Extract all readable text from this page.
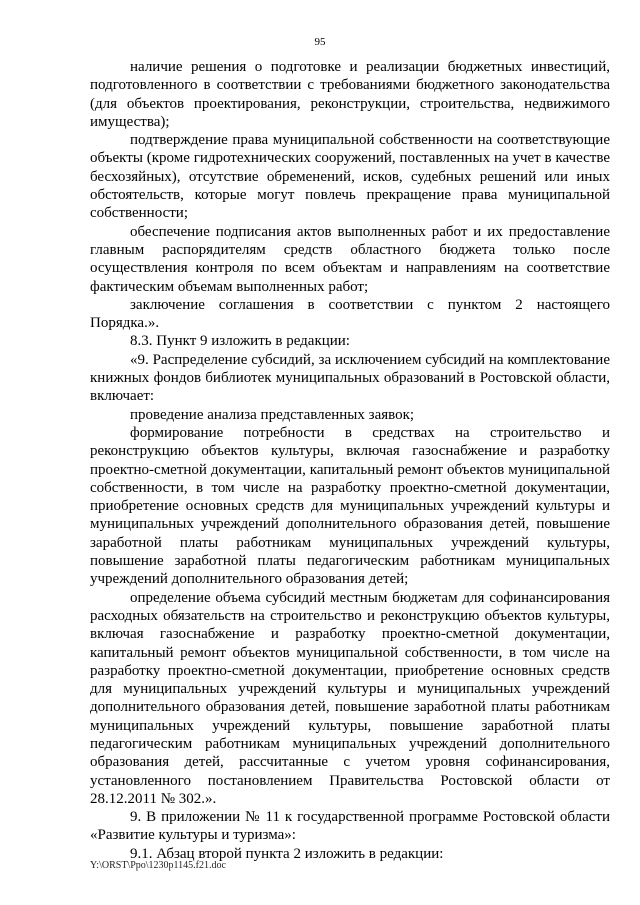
95

наличие решения о подготовке и реализации бюджетных инвестиций, подготовленного в соответствии с требованиями бюджетного законодательства (для объектов проектирования, реконструкции, строительства, недвижимого имущества);

подтверждение права муниципальной собственности на соответствующие объекты (кроме гидротехнических сооружений, поставленных на учет в качестве бесхозяйных), отсутствие обременений, исков, судебных решений или иных обстоятельств, которые могут повлечь прекращение права муниципальной собственности;

обеспечение подписания актов выполненных работ и их предоставление главным распорядителям средств областного бюджета только после осуществления контроля по всем объектам и направлениям на соответствие фактическим объемам выполненных работ;

заключение соглашения в соответствии с пунктом 2 настоящего Порядка.».

8.3. Пункт 9 изложить в редакции:

«9. Распределение субсидий, за исключением субсидий на комплектование книжных фондов библиотек муниципальных образований в Ростовской области, включает:

проведение анализа представленных заявок;

формирование потребности в средствах на строительство и реконструкцию объектов культуры, включая газоснабжение и разработку проектно-сметной документации, капитальный ремонт объектов муниципальной собственности, в том числе на разработку проектно-сметной документации, приобретение основных средств для муниципальных учреждений культуры и муниципальных учреждений дополнительного образования детей, повышение заработной платы работникам муниципальных учреждений культуры, повышение заработной платы педагогическим работникам муниципальных учреждений дополнительного образования детей;

определение объема субсидий местным бюджетам для софинансирования расходных обязательств на строительство и реконструкцию объектов культуры, включая газоснабжение и разработку проектно-сметной документации, капитальный ремонт объектов муниципальной собственности, в том числе на разработку проектно-сметной документации, приобретение основных средств для муниципальных учреждений культуры и муниципальных учреждений дополнительного образования детей, повышение заработной платы работникам муниципальных учреждений культуры, повышение заработной платы педагогическим работникам муниципальных учреждений дополнительного образования детей, рассчитанные с учетом уровня софинансирования, установленного постановлением Правительства Ростовской области от 28.12.2011 № 302.».

9. В приложении № 11 к государственной программе Ростовской области «Развитие культуры и туризма»:

9.1. Абзац второй пункта 2 изложить в редакции:

Y:\ORST\Ppo\1230p1145.f21.doc
